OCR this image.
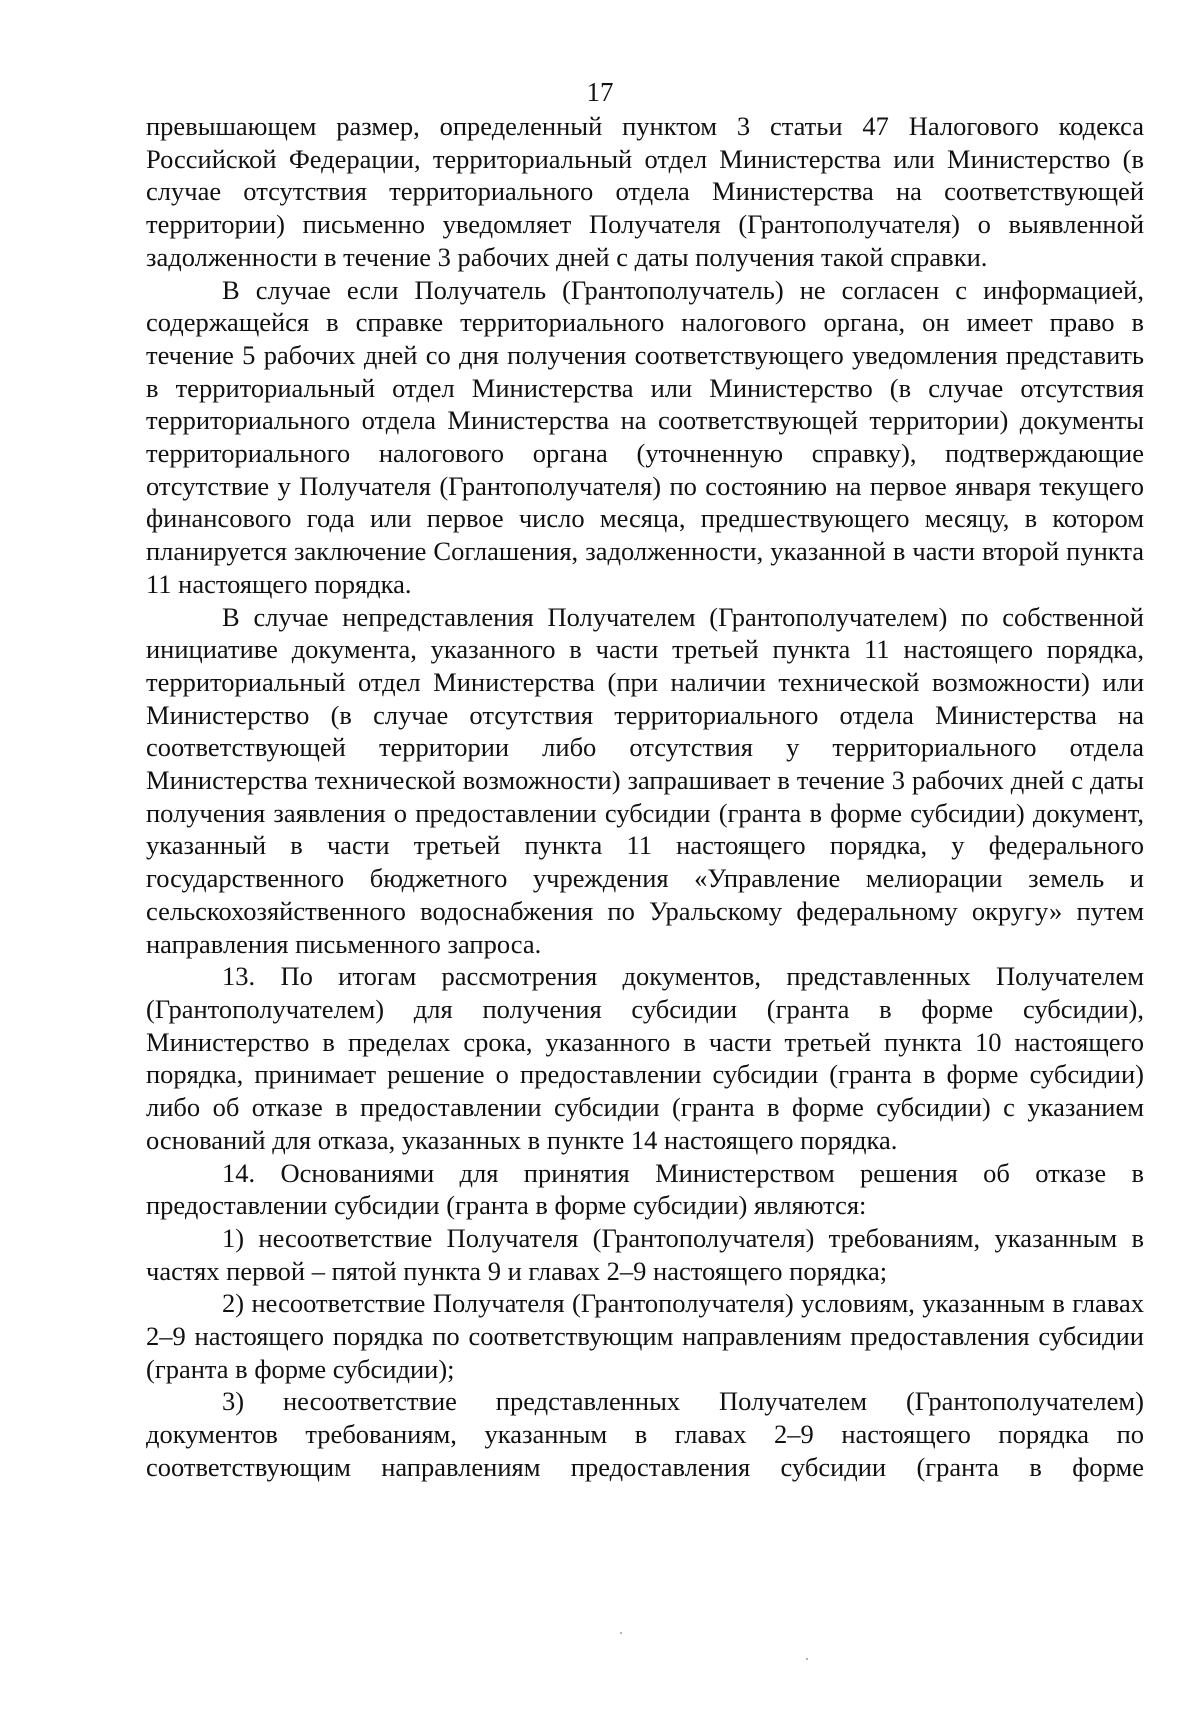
17

превышающем размер, определенный пунктом 3 статьи 47 Налогового кодекса Российской Федерации, территориальный отдел Министерства или Министерство (в случае отсутствия территориального отдела Министерства на соответствующей территории) письменно уведомляет Получателя (Грантополучателя) о выявленной задолженности в течение 3 рабочих дней с даты получения такой справки.

В случае если Получатель (Грантополучатель) не согласен с информацией, содержащейся в справке территориального налогового органа, он имеет право в течение 5 рабочих дней со дня получения соответствующего уведомления представить в территориальный отдел Министерства или Министерство (в случае отсутствия территориального отдела Министерства на соответствующей территории) документы территориального налогового органа (уточненную справку), подтверждающие отсутствие у Получателя (Грантополучателя) по состоянию на первое января текущего финансового года или первое число месяца, предшествующего месяцу, в котором планируется заключение Соглашения, задолженности, указанной в части второй пункта 11 настоящего порядка.

В случае непредставления Получателем (Грантополучателем) по собственной инициативе документа, указанного в части третьей пункта 11 настоящего порядка, территориальный отдел Министерства (при наличии технической возможности) или Министерство (в случае отсутствия территориального отдела Министерства на соответствующей территории либо отсутствия у территориального отдела Министерства технической возможности) запрашивает в течение 3 рабочих дней с даты получения заявления о предоставлении субсидии (гранта в форме субсидии) документ, указанный в части третьей пункта 11 настоящего порядка, у федерального государственного бюджетного учреждения «Управление мелиорации земель и сельскохозяйственного водоснабжения по Уральскому федеральному округу» путем направления письменного запроса.

13. По итогам рассмотрения документов, представленных Получателем (Грантополучателем) для получения субсидии (гранта в форме субсидии), Министерство в пределах срока, указанного в части третьей пункта 10 настоящего порядка, принимает решение о предоставлении субсидии (гранта в форме субсидии) либо об отказе в предоставлении субсидии (гранта в форме субсидии) с указанием оснований для отказа, указанных в пункте 14 настоящего порядка.

14. Основаниями для принятия Министерством решения об отказе в предоставлении субсидии (гранта в форме субсидии) являются:

1) несоответствие Получателя (Грантополучателя) требованиям, указанным в частях первой – пятой пункта 9 и главах 2–9 настоящего порядка;

2) несоответствие Получателя (Грантополучателя) условиям, указанным в главах 2–9 настоящего порядка по соответствующим направлениям предоставления субсидии (гранта в форме субсидии);

3) несоответствие представленных Получателем (Грантополучателем) документов требованиям, указанным в главах 2–9 настоящего порядка по соответствующим направлениям предоставления субсидии (гранта в форме
